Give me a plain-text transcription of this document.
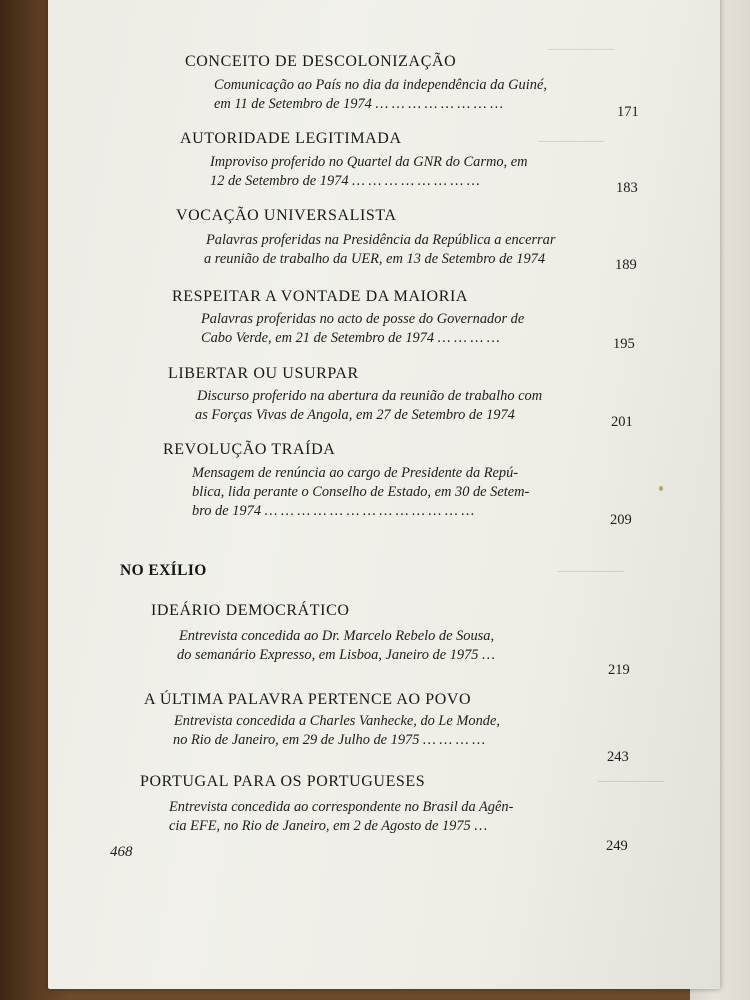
──────
──────
──────
──────
CONCEITO DE DESCOLONIZAÇÃO
Comunicação ao País no dia da independência da Guiné,
em 11 de Setembro de 1974 … … … … … … … …	171
AUTORIDADE LEGITIMADA
Improviso proferido no Quartel da GNR do Carmo, em
12 de Setembro de 1974 … … … … … … … …	183
VOCAÇÃO UNIVERSALISTA
Palavras proferidas na Presidência da República a encerrar
a reunião de trabalho da UER, em 13 de Setembro de 1974	189
RESPEITAR A VONTADE DA MAIORIA
Palavras proferidas no acto de posse do Governador de
Cabo Verde, em 21 de Setembro de 1974 … … … …	195
LIBERTAR OU USURPAR
Discurso proferido na abertura da reunião de trabalho com
as Forças Vivas de Angola, em 27 de Setembro de 1974	201
REVOLUÇÃO TRAÍDA
Mensagem de renúncia ao cargo de Presidente da Repú-
blica, lida perante o Conselho de Estado, em 30 de Setem-
bro de 1974 … … … … … … … … … … … … …
209
NO EXÍLIO
IDEÁRIO DEMOCRÁTICO
Entrevista concedida ao Dr. Marcelo Rebelo de Sousa,
do semanário Expresso, em Lisboa, Janeiro de 1975 …
219
A ÚLTIMA PALAVRA PERTENCE AO POVO
Entrevista concedida a Charles Vanhecke, do Le Monde,
no Rio de Janeiro, em 29 de Julho de 1975 … … … …
243
PORTUGAL PARA OS PORTUGUESES
Entrevista concedida ao correspondente no Brasil da Agên-
cia EFE, no Rio de Janeiro, em 2 de Agosto de 1975 …
249
468
